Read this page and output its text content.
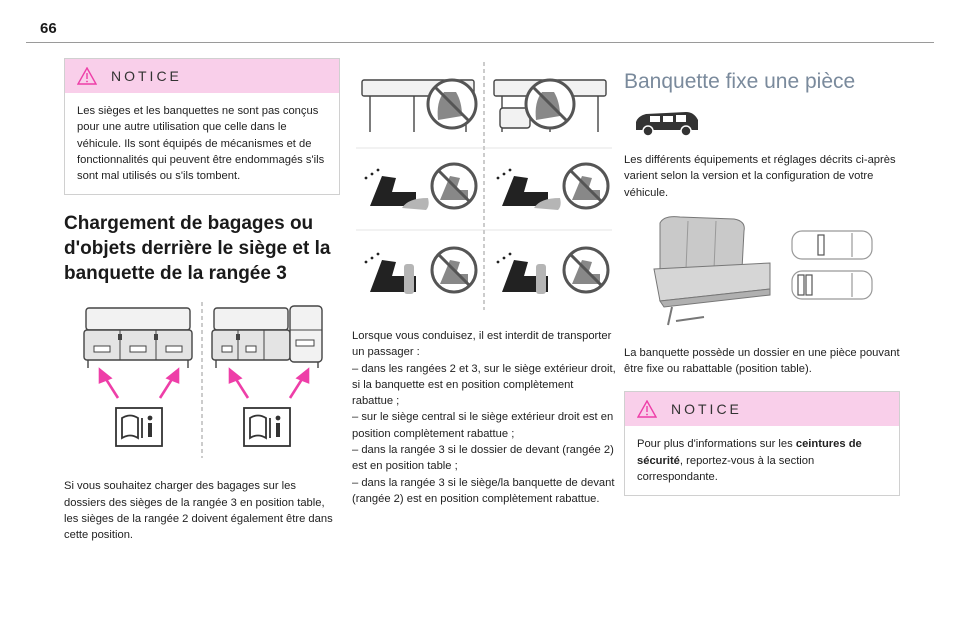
66
NOTICE
Les sièges et les banquettes ne sont pas conçus pour une autre utilisation que celle dans le véhicule. Ils sont équipés de mécanismes et de fonctionnalités qui peuvent être endommagés s'ils sont mal utilisés ou s'ils tombent.
Chargement de bagages ou d'objets derrière le siège et la banquette de la rangée 3
Si vous souhaitez charger des bagages sur les dossiers des sièges de la rangée 3 en position table, les sièges de la rangée 2 doivent également être dans cette position.
Lorsque vous conduisez, il est interdit de transporter un passager :
– dans les rangées 2 et 3, sur le siège extérieur droit, si la banquette est en position complètement rabattue ;
– sur le siège central si le siège extérieur droit est en position complètement rabattue ;
– dans la rangée 3 si le dossier de devant (rangée 2) est en position table ;
– dans la rangée 3 si le siège/la banquette de devant (rangée 2) est en position complètement rabattue.
Banquette fixe une pièce
Les différents équipements et réglages décrits ci-après varient selon la version et la configuration de votre véhicule.
La banquette possède un dossier en une pièce pouvant être fixe ou rabattable (position table).
NOTICE
Pour plus d'informations sur les ceintures de sécurité, reportez-vous à la section correspondante.
